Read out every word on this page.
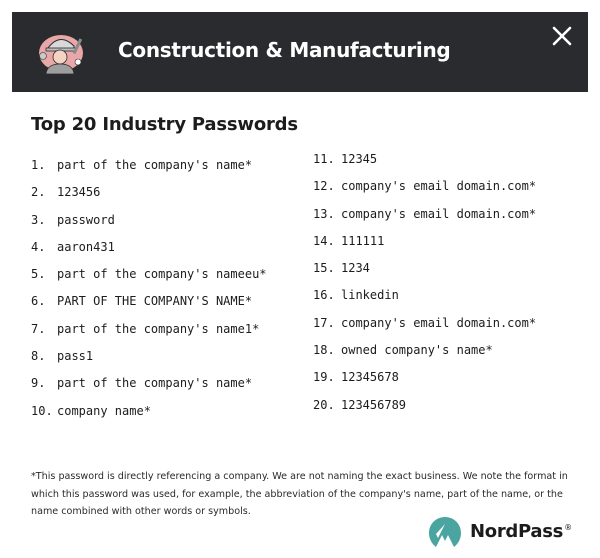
Construction & Manufacturing
Top 20 Industry Passwords
1. part of the company's name*
2. 123456
3. password
4. aaron431
5. part of the company's nameeu*
6. PART OF THE COMPANY'S NAME*
7. part of the company's name1*
8. pass1
9. part of the company's name*
10. company name*
11. 12345
12. company's email domain.com*
13. company's email domain.com*
14. 111111
15. 1234
16. linkedin
17. company's email domain.com*
18. owned company's name*
19. 12345678
20. 123456789
*This password is directly referencing a company. We are not naming the exact business. We note the format in which this password was used, for example, the abbreviation of the company's name, part of the name, or the name combined with other words or symbols.
NordPass®
